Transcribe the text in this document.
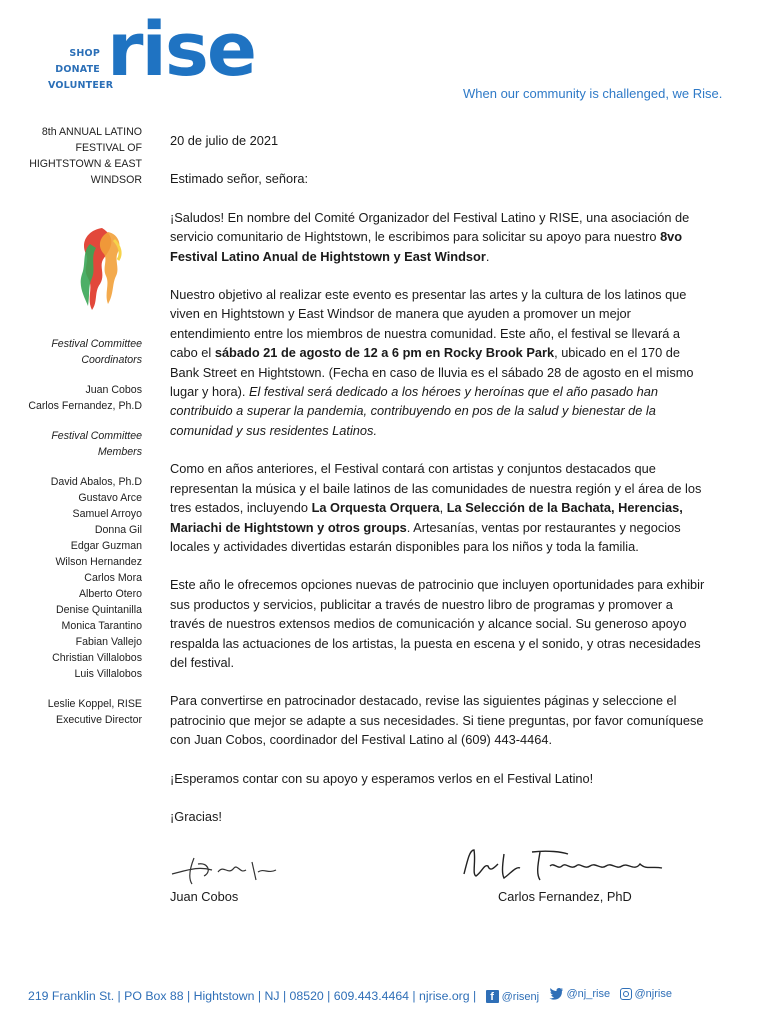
SHOP
DONATE
VOLUNTEER
rise
When our community is challenged, we Rise.

8th ANNUAL LATINO

FESTIVAL OF

HIGHTSTOWN & EAST

WINDSOR

Festival Committee

Coordinators

Juan Cobos

Carlos Fernandez, Ph.D

Festival Committee

Members

David Abalos, Ph.D

Gustavo Arce

Samuel Arroyo

Donna Gil

Edgar Guzman

Wilson Hernandez

Carlos Mora

Alberto Otero

Denise Quintanilla

Monica Tarantino

Fabian Vallejo

Christian Villalobos

Luis Villalobos

Leslie Koppel, RISE

Executive Director

20 de julio de 2021

Estimado señor, señora:

¡Saludos! En nombre del Comité Organizador del Festival Latino y RISE, una asociación de servicio comunitario de Hightstown, le escribimos para solicitar su apoyo para nuestro 8vo Festival Latino Anual de Hightstown y East Windsor.

Nuestro objetivo al realizar este evento es presentar las artes y la cultura de los latinos que viven en Hightstown y East Windsor de manera que ayuden a promover un mejor entendimiento entre los miembros de nuestra comunidad. Este año, el festival se llevará a cabo el sábado 21 de agosto de 12 a 6 pm en Rocky Brook Park, ubicado en el 170 de Bank Street en Hightstown. (Fecha en caso de lluvia es el sábado 28 de agosto en el mismo lugar y hora). El festival será dedicado a los héroes y heroínas que el año pasado han contribuido a superar la pandemia, contribuyendo en pos de la salud y bienestar de la comunidad y sus residentes Latinos.

Como en años anteriores, el Festival contará con artistas y conjuntos destacados que representan la música y el baile latinos de las comunidades de nuestra región y el área de los tres estados, incluyendo La Orquesta Orquera, La Selección de la Bachata, Herencias, Mariachi de Hightstown y otros groups. Artesanías, ventas por restaurantes y negocios locales y actividades divertidas estarán disponibles para los niños y toda la familia.

Este año le ofrecemos opciones nuevas de patrocinio que incluyen oportunidades para exhibir sus productos y servicios, publicitar a través de nuestro libro de programas y promover a través de nuestros extensos medios de comunicación y alcance social. Su generoso apoyo respalda las actuaciones de los artistas, la puesta en escena y el sonido, y otras necesidades del festival.

Para convertirse en patrocinador destacado, revise las siguientes páginas y seleccione el patrocinio que mejor se adapte a sus necesidades. Si tiene preguntas, por favor comuníquese con Juan Cobos, coordinador del Festival Latino al (609) 443-4464.

¡Esperamos contar con su apoyo y esperamos verlos en el Festival Latino!

¡Gracias!

Juan Cobos	Carlos Fernandez, PhD
219 Franklin St. | PO Box 88 | Hightstown | NJ | 08520 | 609.443.4464 | njrise.org |	f @risenj
@nj_rise
@njrise
